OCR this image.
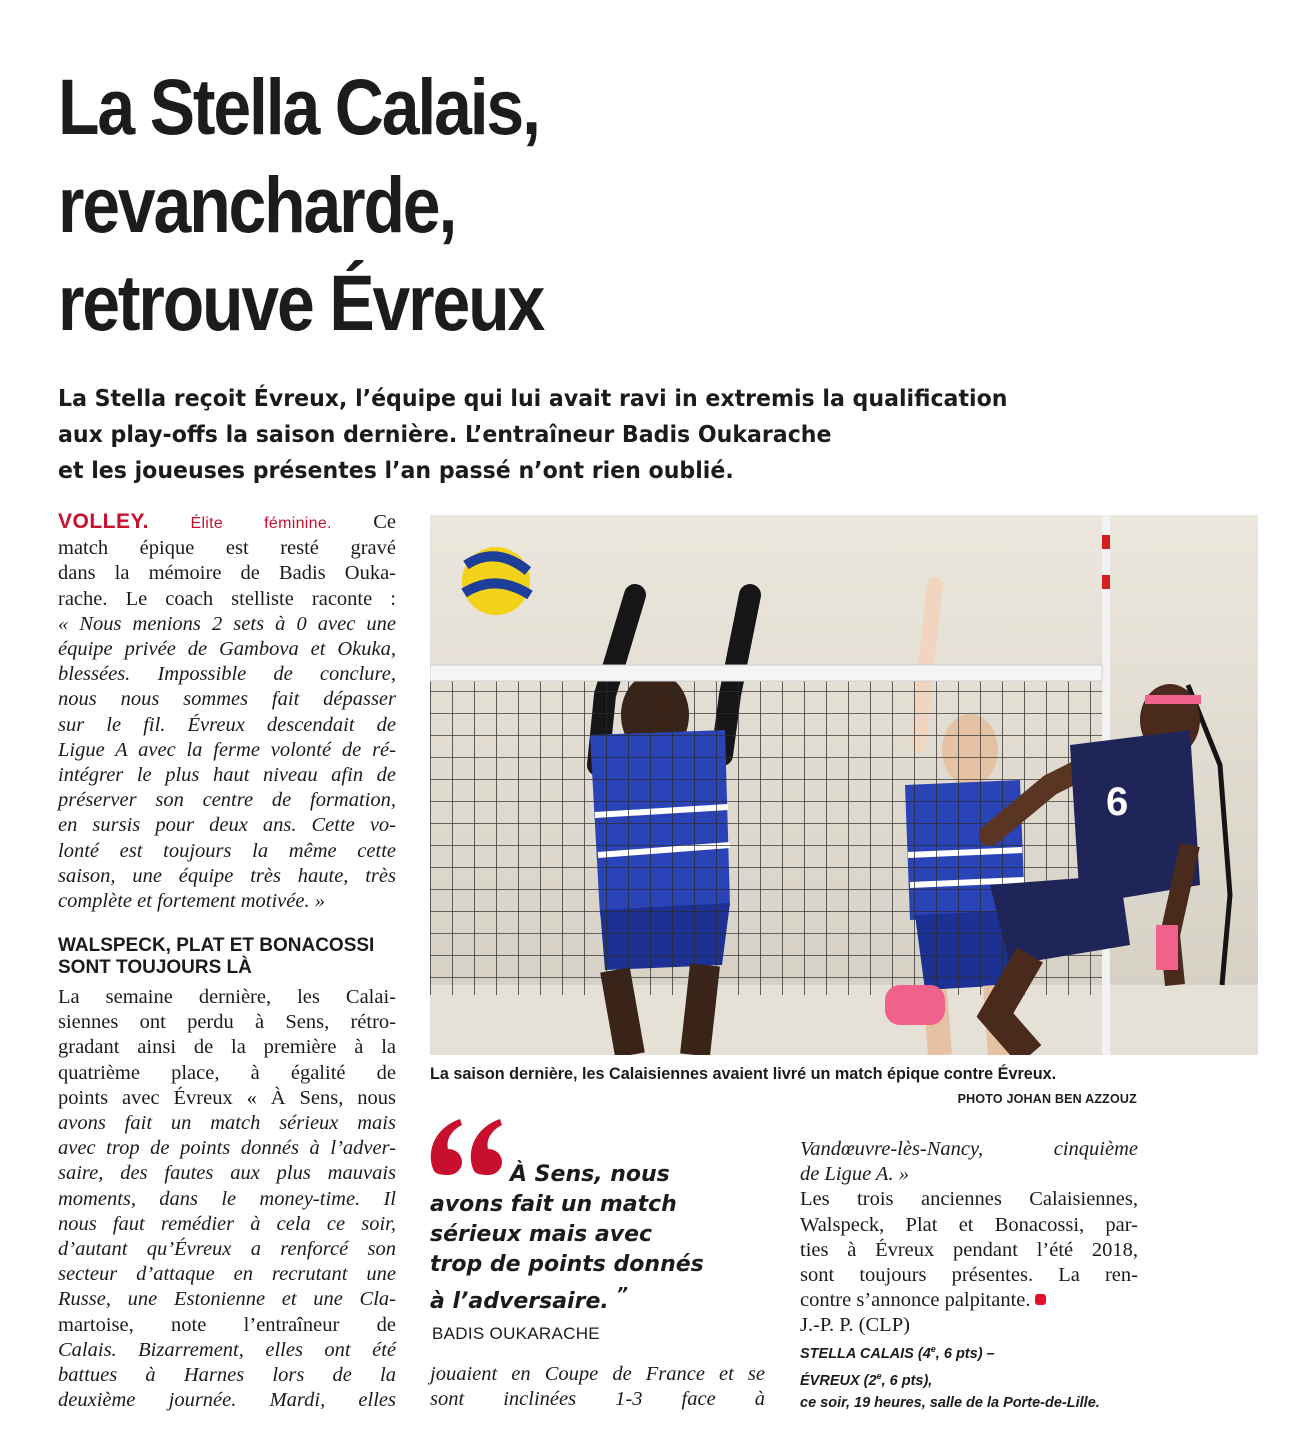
La Stella Calais,
revancharde,
retrouve Évreux
La Stella reçoit Évreux, l’équipe qui lui avait ravi in extremis la qualification
aux play-offs la saison dernière. L’entraîneur Badis Oukarache
et les joueuses présentes l’an passé n’ont rien oublié.
VOLLEY.	Élite féminine. Ce
match épique est resté gravé
dans la mémoire de Badis Ouka-
rache. Le coach stelliste raconte :
« Nous menions 2 sets à 0 avec une
équipe privée de Gambova et Okuka,
blessées. Impossible de conclure,
nous nous sommes fait dépasser
sur le fil. Évreux descendait de
Ligue A avec la ferme volonté de ré-
intégrer le plus haut niveau afin de
préserver son centre de formation,
en sursis pour deux ans. Cette vo-
lonté est toujours la même cette
saison, une équipe très haute, très
complète et fortement motivée. »
WALSPECK, PLAT ET BONACOSSI
SONT TOUJOURS LÀ
La semaine dernière, les Calai-
siennes ont perdu à Sens, rétro-
gradant ainsi de la première à la
quatrième place, à égalité de
points avec Évreux « À Sens, nous
avons fait un match sérieux mais
avec trop de points donnés à l’adver-
saire, des fautes aux plus mauvais
moments, dans le money-time. Il
nous faut remédier à cela ce soir,
d’autant qu’Évreux a renforcé son
secteur d’attaque en recrutant une
Russe, une Estonienne et une Cla-
martoise, note l’entraîneur de
Calais. Bizarrement, elles ont été
battues à Harnes lors de la
deuxième journée. Mardi, elles
6
La saison dernière, les Calaisiennes avaient livré un match épique contre Évreux.
PHOTO JOHAN BEN AZZOUZ
À Sens, nous
avons fait un match
sérieux mais avec
trop de points donnés
à l’adversaire. ”
BADIS OUKARACHE
jouaient en Coupe de France et se
sont inclinées 1-3 face à
Vandœuvre-lès-Nancy, cinquième
de Ligue A. »
Les trois anciennes Calaisiennes,
Walspeck, Plat et Bonacossi, par-
ties à Évreux pendant l’été 2018,
sont toujours présentes. La ren-
contre s’annonce palpitante.
J.-P. P. (CLP)
STELLA CALAIS (4e, 6 pts) –
ÉVREUX (2e, 6 pts),
ce soir, 19 heures, salle de la Porte-de-Lille.
